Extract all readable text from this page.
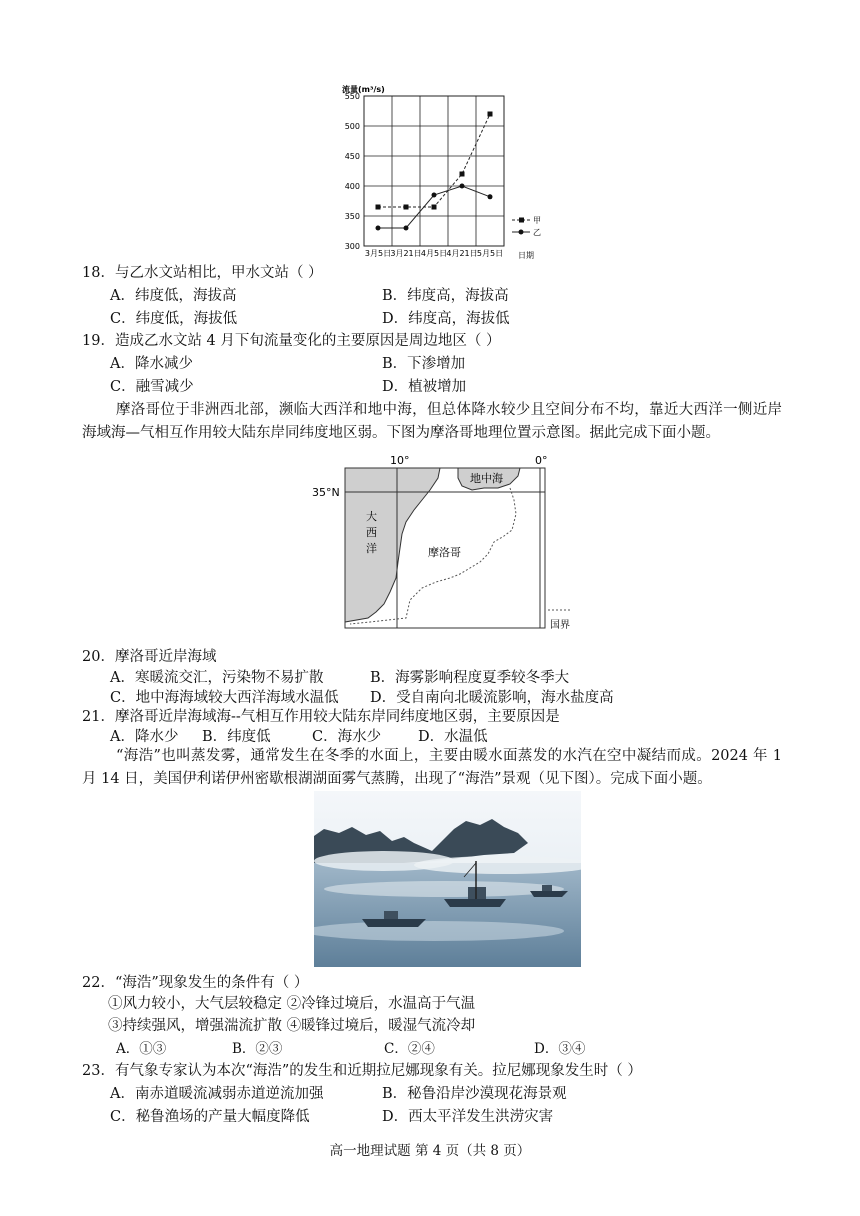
流量(m³/s)
300
350
400
450
500
550
3月5日 3月21日 4月5日 4月21日 5月5日
甲
乙
日期
18．与乙水文站相比，甲水文站（ ）
A．纬度低，海拔高	B．纬度高，海拔高
C．纬度低，海拔低	D．纬度高，海拔低
19．造成乙水文站 4 月下旬流量变化的主要原因是周边地区（ ）
A．降水减少	B．下渗增加
C．融雪减少	D．植被增加
摩洛哥位于非洲西北部，濒临大西洋和地中海，但总体降水较少且空间分布不均，靠近大西洋一侧近岸海域海—气相互作用较大陆东岸同纬度地区弱。下图为摩洛哥地理位置示意图。据此完成下面小题。
10°	0°
35°N
地中海
大
西
洋	摩洛哥
国界
20．摩洛哥近岸海域
A．寒暖流交汇，污染物不易扩散	B．海雾影响程度夏季较冬季大
C．地中海海域较大西洋海域水温低 D．受自南向北暖流影响，海水盐度高
21．摩洛哥近岸海域海--气相互作用较大陆东岸同纬度地区弱，主要原因是
A．降水少 B．纬度低	C．海水少	D．水温低
“海浩”也叫蒸发雾，通常发生在冬季的水面上，主要由暖水面蒸发的水汽在空中凝结而成。2024 年 1 月 14 日，美国伊利诺伊州密歇根湖湖面雾气蒸腾，出现了“海浩”景观（见下图）。完成下面小题。
22．“海浩”现象发生的条件有（ ）
①风力较小，大气层较稳定 ②冷锋过境后，水温高于气温
③持续强风，增强湍流扩散 ④暖锋过境后，暖湿气流冷却
A．①③	B．②③	C．②④	D．③④
23．有气象专家认为本次“海浩”的发生和近期拉尼娜现象有关。拉尼娜现象发生时（ ）
A．南赤道暖流减弱赤道逆流加强	B．秘鲁沿岸沙漠现花海景观
C．秘鲁渔场的产量大幅度降低	D．西太平洋发生洪涝灾害
高一地理试题 第 4 页（共 8 页）
